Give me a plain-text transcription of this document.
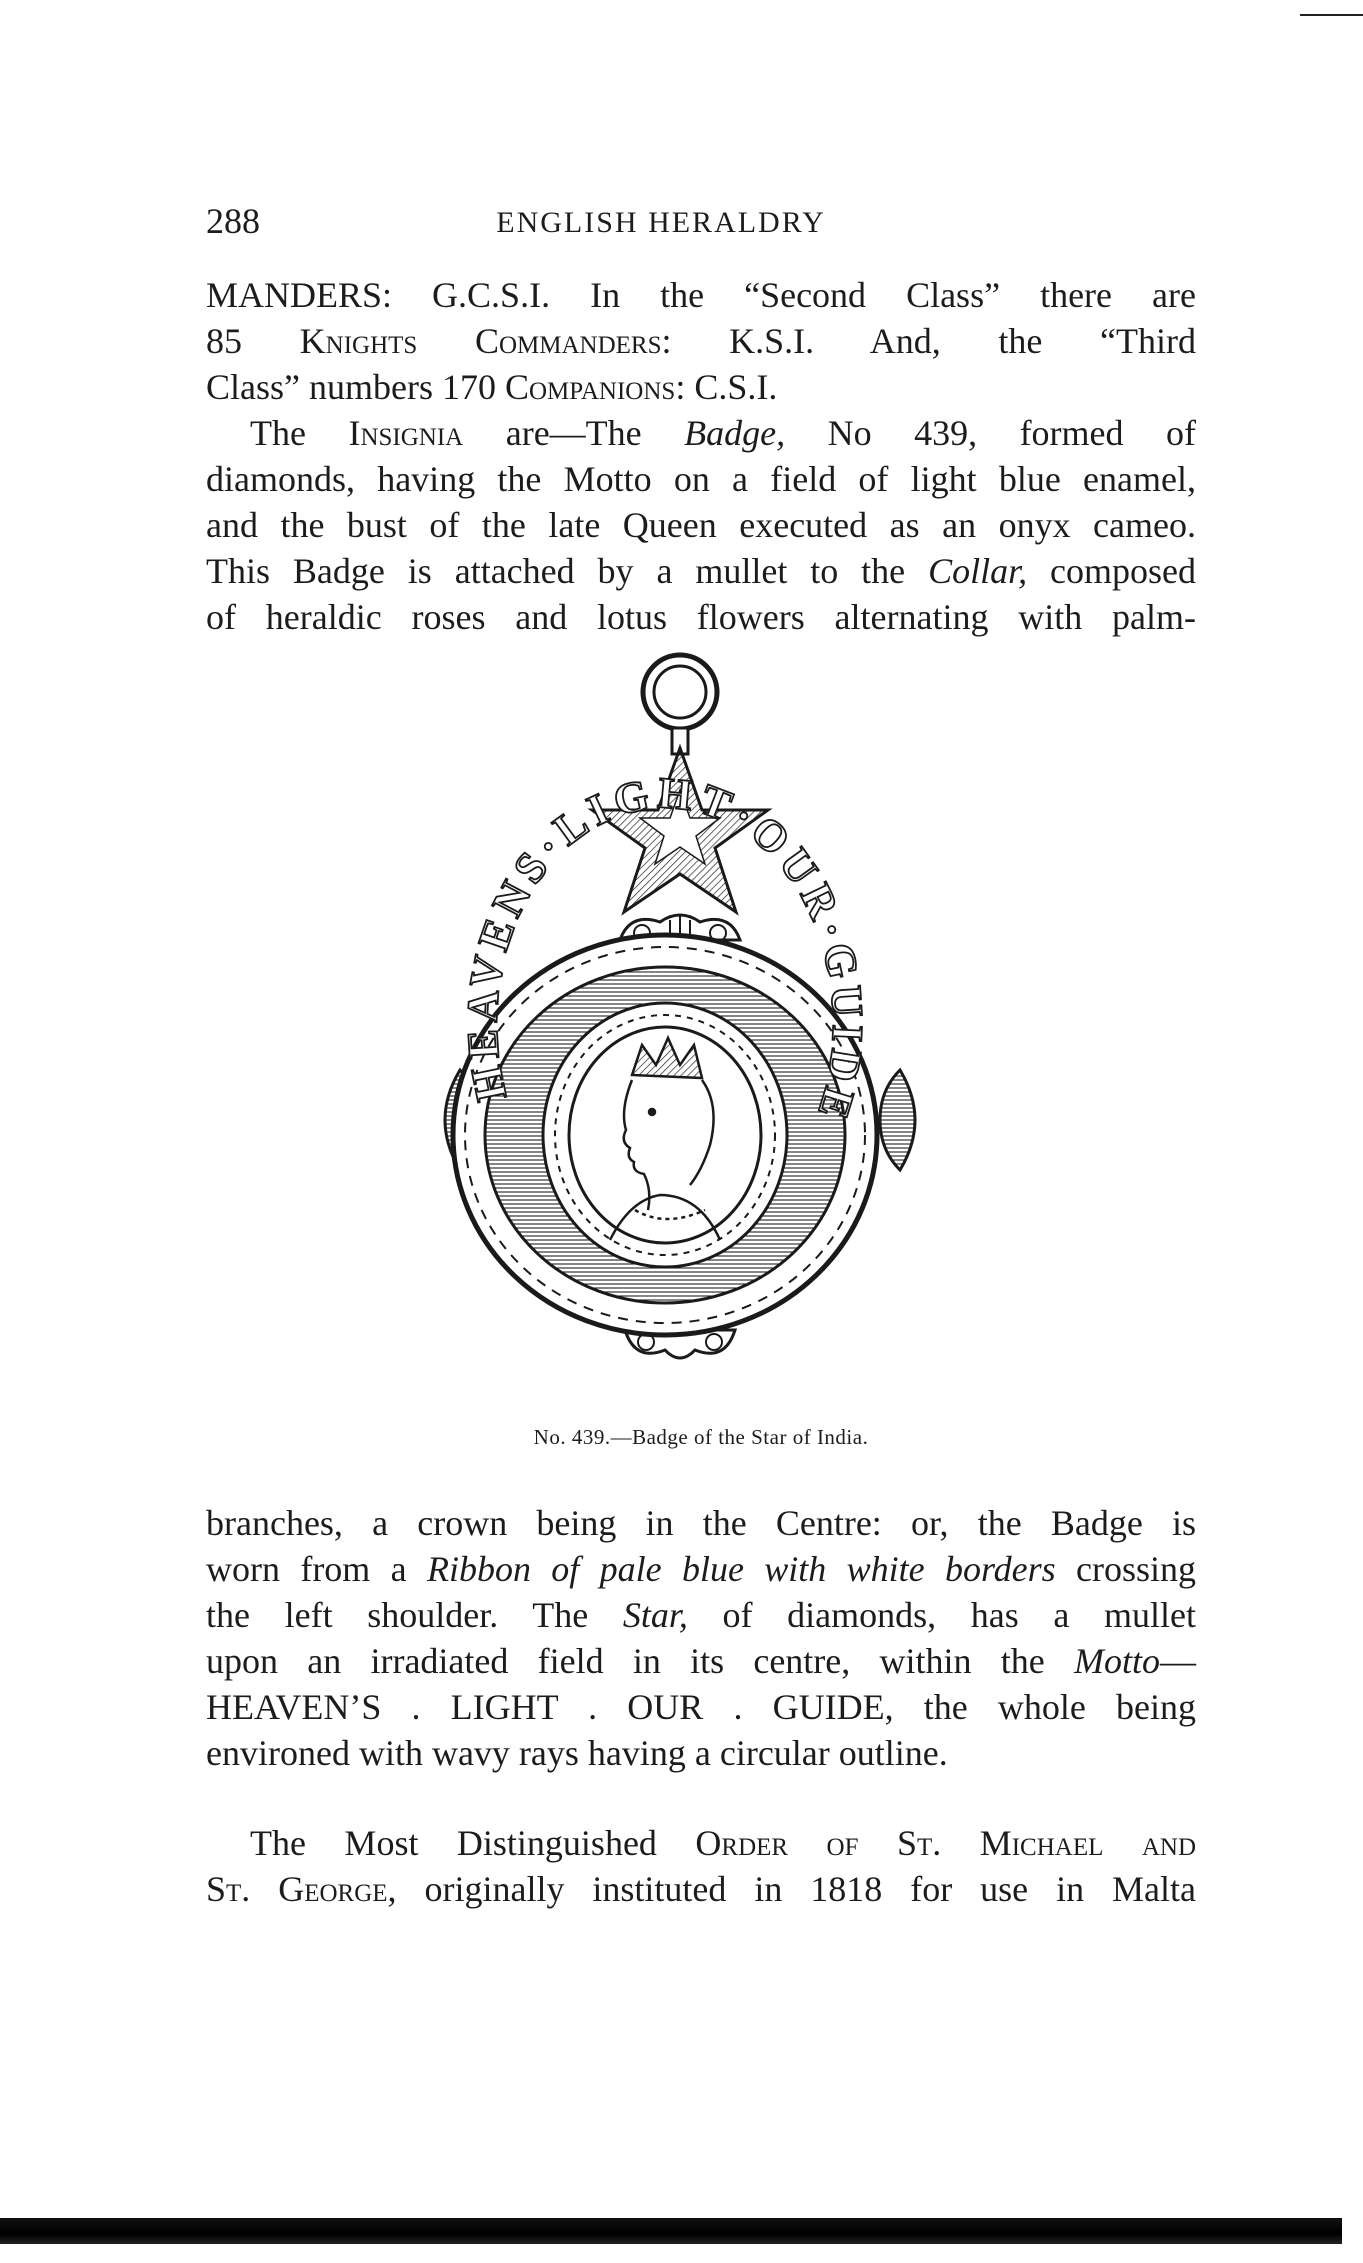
288	ENGLISH HERALDRY
MANDERS: G.C.S.I. In the “Second Class” there are
85 Knights Commanders: K.S.I. And, the “Third
Class” numbers 170 Companions: C.S.I.
The Insignia are—The Badge, No 439, formed of
diamonds, having the Motto on a field of light blue enamel,
and the bust of the late Queen executed as an onyx cameo.
This Badge is attached by a mullet to the Collar, composed
of heraldic roses and lotus flowers alternating with palm-
HEAVENS·LIGHT·OUR·GUIDE
No. 439.—Badge of the Star of India.
branches, a crown being in the Centre: or, the Badge is
worn from a Ribbon of pale blue with white borders crossing
the left shoulder. The Star, of diamonds, has a mullet
upon an irradiated field in its centre, within the Motto—
HEAVEN’S . LIGHT . OUR . GUIDE, the whole being
environed with wavy rays having a circular outline.
The Most Distinguished Order of St. Michael and
St. George, originally instituted in 1818 for use in Malta
